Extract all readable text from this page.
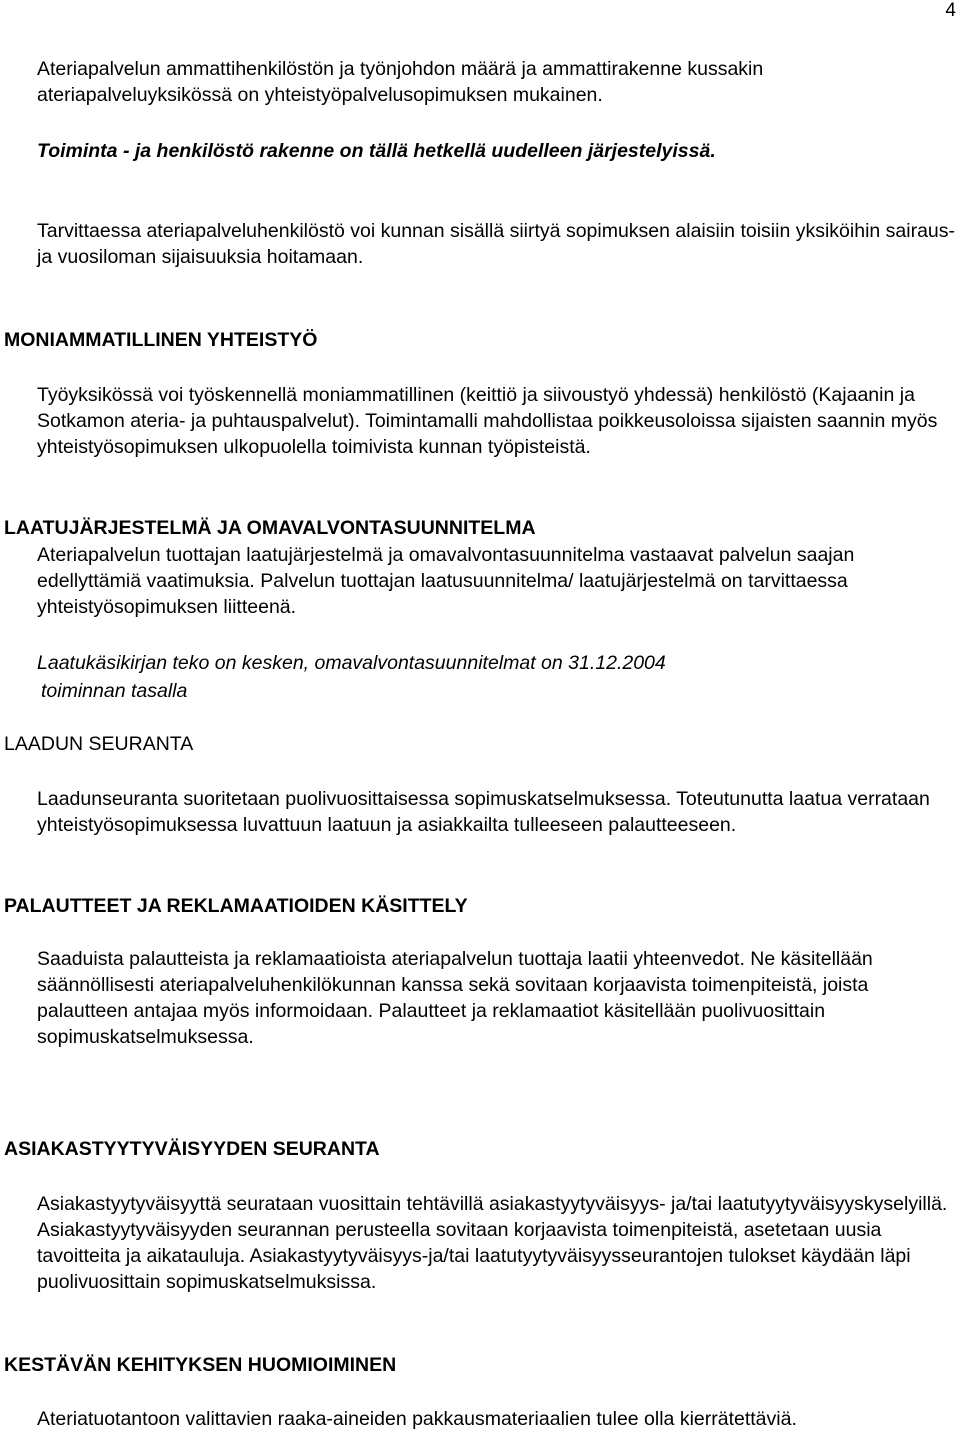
4

Ateriapalvelun ammattihenkilöstön ja työnjohdon määrä ja ammattirakenne kussakin ateriapalveluyksikössä on yhteistyöpalvelusopimuksen mukainen.

Toiminta - ja henkilöstö rakenne on tällä hetkellä uudelleen järjestelyissä.

Tarvittaessa ateriapalveluhenkilöstö voi kunnan sisällä siirtyä sopimuksen alaisiin toisiin yksiköihin sairaus- ja vuosiloman sijaisuuksia hoitamaan.

MONIAMMATILLINEN YHTEISTYÖ

Työyksikössä voi työskennellä moniammatillinen (keittiö ja siivoustyö yhdessä) henkilöstö (Kajaanin ja Sotkamon ateria- ja puhtauspalvelut). Toimintamalli mahdollistaa poikkeusoloissa sijaisten saannin myös yhteistyösopimuksen ulkopuolella toimivista kunnan työpisteistä.

LAATUJÄRJESTELMÄ JA OMAVALVONTASUUNNITELMA

Ateriapalvelun tuottajan laatujärjestelmä ja omavalvontasuunnitelma vastaavat palvelun saajan edellyttämiä vaatimuksia. Palvelun tuottajan laatusuunnitelma/ laatujärjestelmä on tarvittaessa yhteistyösopimuksen liitteenä.

Laatukäsikirjan teko on kesken, omavalvontasuunnitelmat on 31.12.2004

toiminnan tasalla

LAADUN SEURANTA

Laadunseuranta suoritetaan puolivuosittaisessa sopimuskatselmuksessa. Toteutunutta laatua verrataan yhteistyösopimuksessa luvattuun laatuun ja asiakkailta tulleeseen palautteeseen.

PALAUTTEET JA REKLAMAATIOIDEN KÄSITTELY

Saaduista palautteista ja reklamaatioista ateriapalvelun tuottaja laatii yhteenvedot. Ne käsitellään säännöllisesti ateriapalveluhenkilökunnan kanssa sekä sovitaan korjaavista toimenpiteistä, joista palautteen antajaa myös informoidaan. Palautteet ja reklamaatiot käsitellään puolivuosittain sopimuskatselmuksessa.

ASIAKASTYYTYVÄISYYDEN SEURANTA

Asiakastyytyväisyyttä seurataan vuosittain tehtävillä asiakastyytyväisyys- ja/tai laatutyytyväisyyskyselyillä. Asiakastyytyväisyyden seurannan perusteella sovitaan korjaavista toimenpiteistä, asetetaan uusia tavoitteita ja aikatauluja. Asiakastyytyväisyys-ja/tai laatutyytyväisyysseurantojen tulokset käydään läpi puolivuosittain sopimuskatselmuksissa.

KESTÄVÄN KEHITYKSEN HUOMIOIMINEN

Ateriatuotantoon valittavien raaka-aineiden pakkausmateriaalien tulee olla kierrätettäviä.
